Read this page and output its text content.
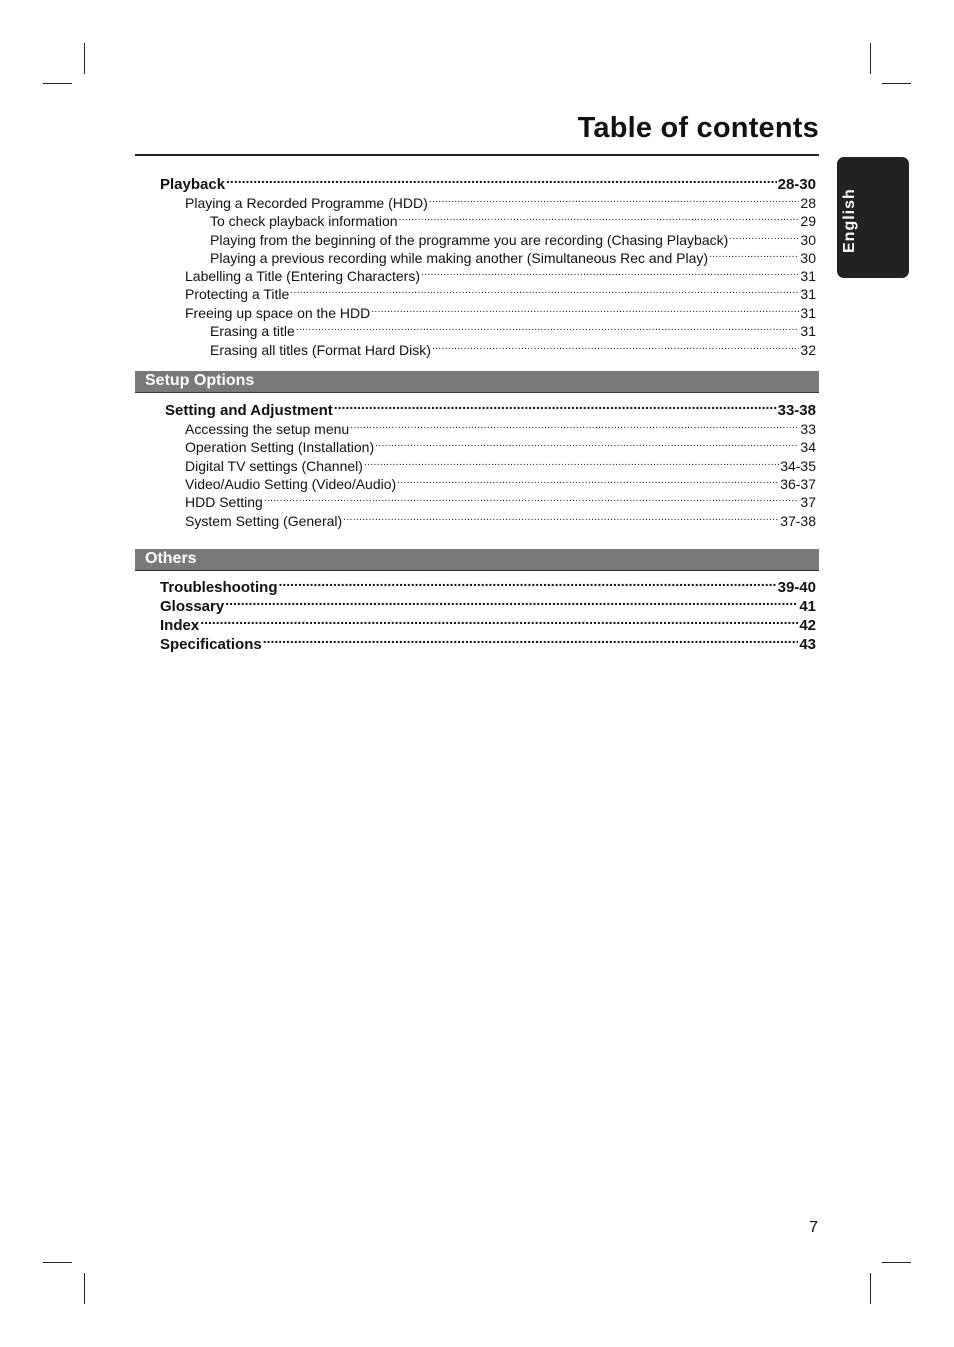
Table of contents
English
Playback .....	28-30
Playing a Recorded Programme (HDD) .....	28
To check playback information .....	29
Playing from the beginning of the programme you are recording (Chasing Playback) .....	30
Playing a previous recording while making another (Simultaneous Rec and Play) .....	30
Labelling a Title (Entering Characters) .....	31
Protecting a Title .....	31
Freeing up space on the HDD .....	31
Erasing a title .....	31
Erasing all titles (Format Hard Disk) .....	32
Setup Options
Setting and Adjustment .....	33-38
Accessing the setup menu .....	33
Operation Setting (Installation) .....	34
Digital TV settings (Channel) .....	34-35
Video/Audio Setting (Video/Audio) .....	36-37
HDD Setting .....	37
System Setting (General) .....	37-38
Others
Troubleshooting .....	39-40
Glossary .....	41
Index .....	42
Specifications .....	43
7
